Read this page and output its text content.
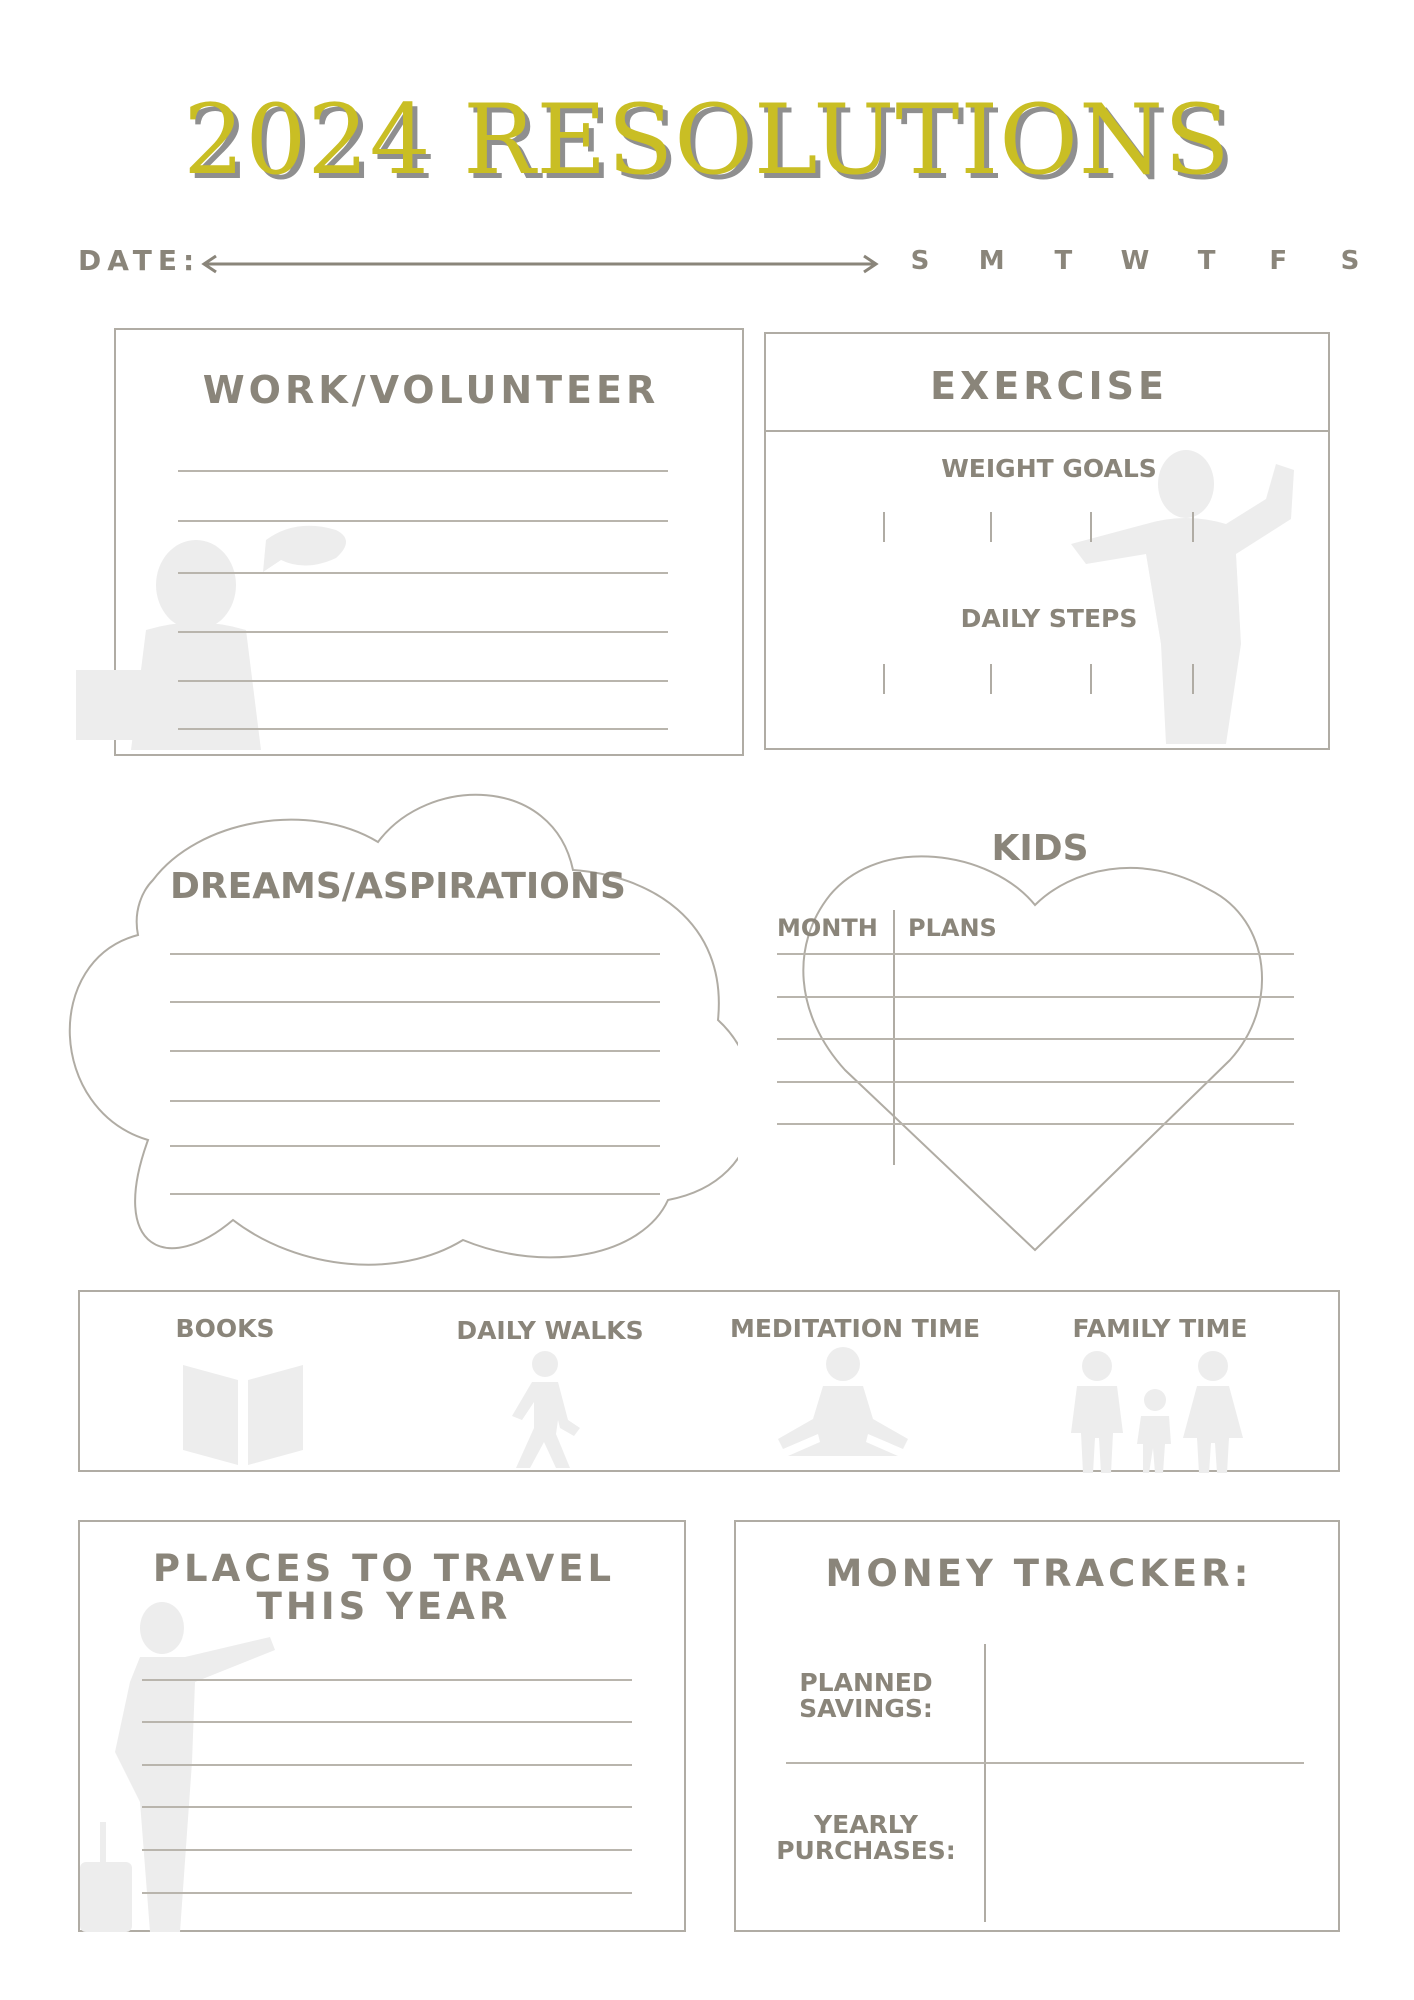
2024 RESOLUTIONS
DATE:	S M T W T F S
WORK/VOLUNTEER	EXERCISE
WEIGHT GOALS
DAILY STEPS
DREAMS/ASPIRATIONS
KIDS
MONTH PLANS
BOOKS	DAILY WALKS	MEDITATION TIME	FAMILY TIME
PLACES TO TRAVEL
THIS YEAR
MONEY TRACKER:
PLANNED
SAVINGS:
YEARLY
PURCHASES:
